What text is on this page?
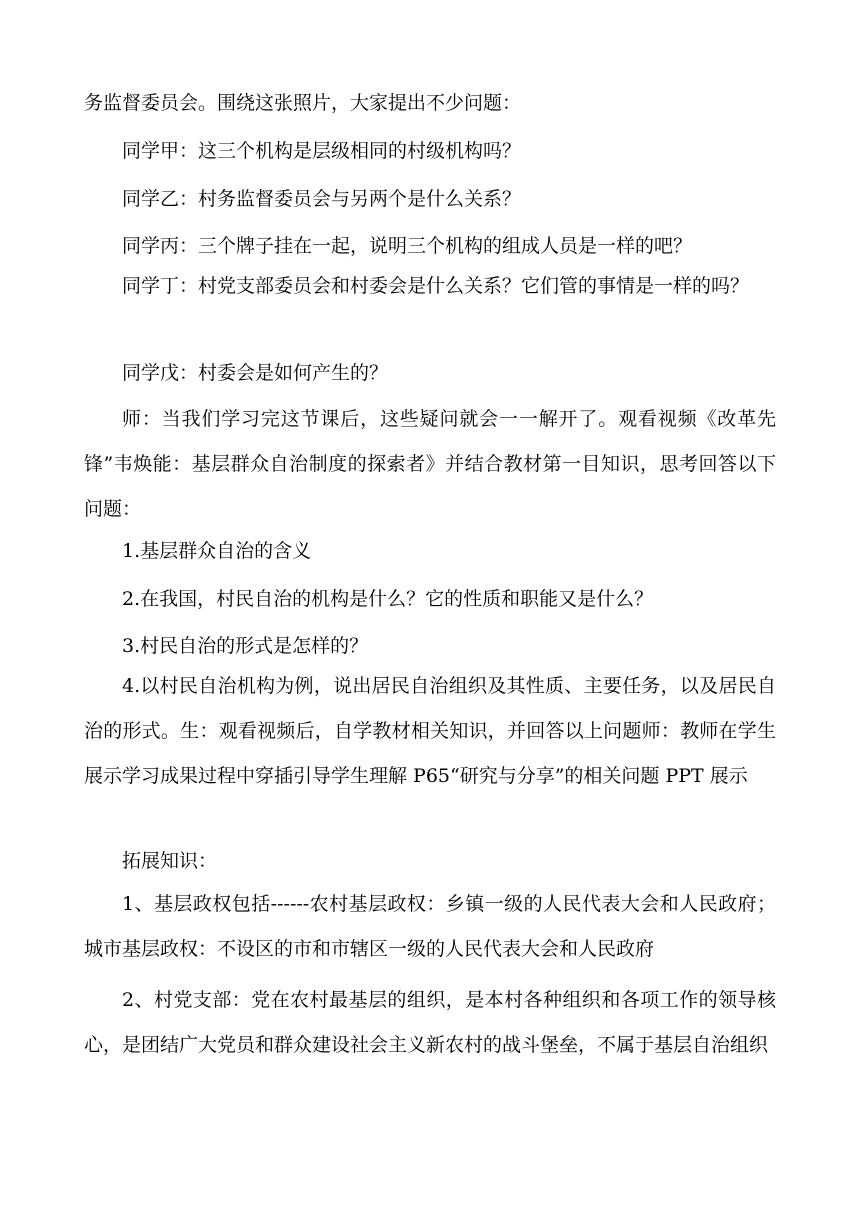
务监督委员会。围绕这张照片，大家提出不少问题：

同学甲：这三个机构是层级相同的村级机构吗？

同学乙：村务监督委员会与另两个是什么关系？

同学丙：三个牌子挂在一起，说明三个机构的组成人员是一样的吧？

同学丁：村党支部委员会和村委会是什么关系？它们管的事情是一样的吗？

同学戊：村委会是如何产生的？

师：当我们学习完这节课后，这些疑问就会一一解开了。观看视频《改革先锋”韦焕能：基层群众自治制度的探索者》并结合教材第一目知识，思考回答以下问题：

1.基层群众自治的含义

2.在我国，村民自治的机构是什么？它的性质和职能又是什么？

3.村民自治的形式是怎样的？

4.以村民自治机构为例，说出居民自治组织及其性质、主要任务，以及居民自治的形式。生：观看视频后，自学教材相关知识，并回答以上问题师：教师在学生展示学习成果过程中穿插引导学生理解 P65“研究与分享”的相关问题 PPT 展示

拓展知识：

1、基层政权包括------农村基层政权：乡镇一级的人民代表大会和人民政府；城市基层政权：不设区的市和市辖区一级的人民代表大会和人民政府

2、村党支部：党在农村最基层的组织，是本村各种组织和各项工作的领导核心，是团结广大党员和群众建设社会主义新农村的战斗堡垒，不属于基层自治组织
